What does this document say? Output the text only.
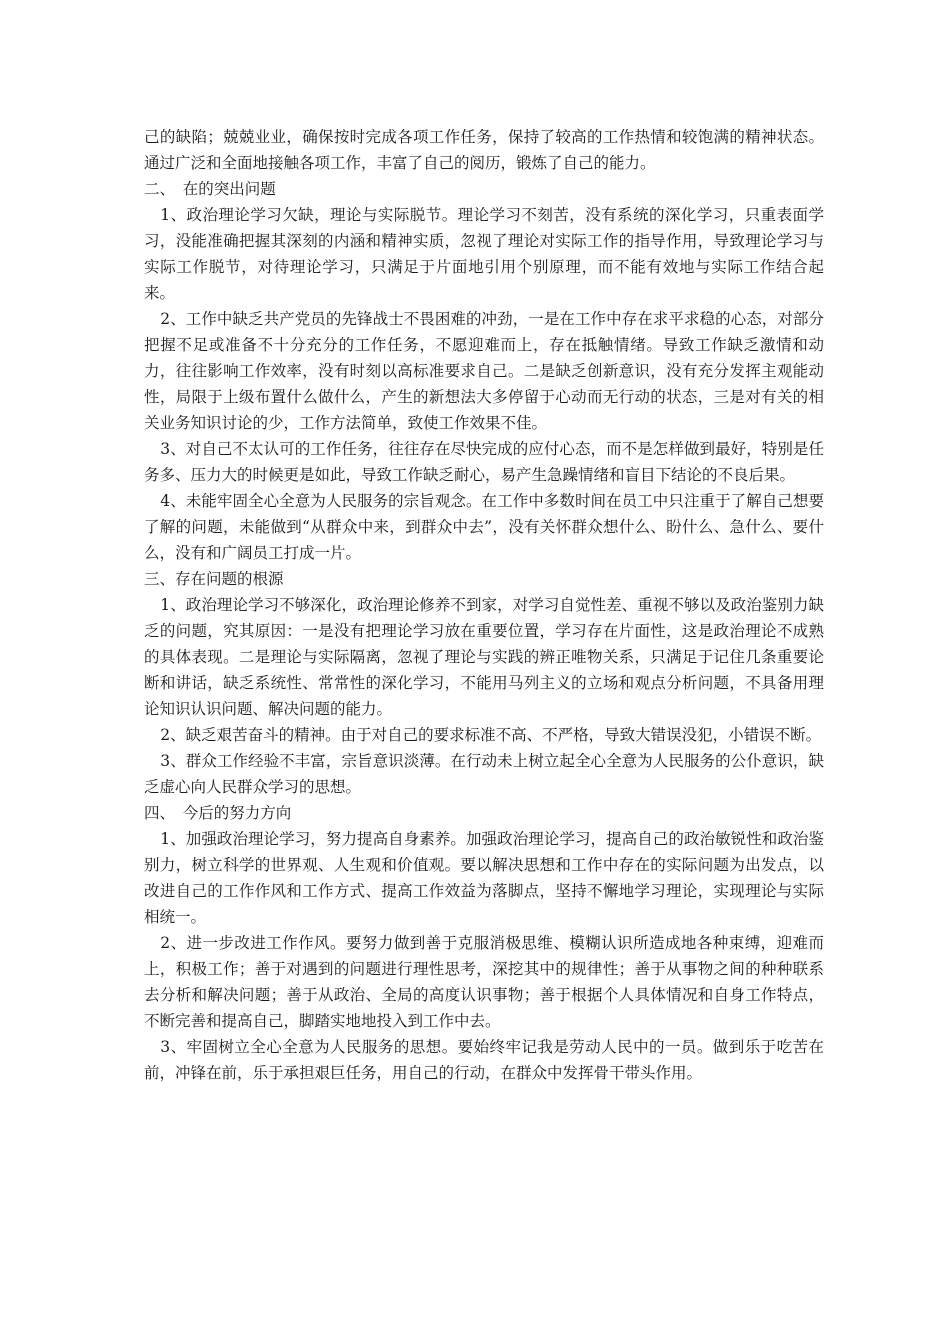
己的缺陷；兢兢业业，确保按时完成各项工作任务，保持了较高的工作热情和较饱满的精神状态。通过广泛和全面地接触各项工作，丰富了自己的阅历，锻炼了自己的能力。

二、　在的突出问题

1、政治理论学习欠缺，理论与实际脱节。理论学习不刻苦，没有系统的深化学习，只重表面学习，没能准确把握其深刻的内涵和精神实质，忽视了理论对实际工作的指导作用，导致理论学习与实际工作脱节，对待理论学习，只满足于片面地引用个别原理，而不能有效地与实际工作结合起来。

2、工作中缺乏共产党员的先锋战士不畏困难的冲劲，一是在工作中存在求平求稳的心态，对部分把握不足或准备不十分充分的工作任务，不愿迎难而上，存在抵触情绪。导致工作缺乏激情和动力，往往影响工作效率，没有时刻以高标准要求自己。二是缺乏创新意识，没有充分发挥主观能动性，局限于上级布置什么做什么，产生的新想法大多停留于心动而无行动的状态，三是对有关的相关业务知识讨论的少，工作方法简单，致使工作效果不佳。

3、对自己不太认可的工作任务，往往存在尽快完成的应付心态，而不是怎样做到最好，特别是任务多、压力大的时候更是如此，导致工作缺乏耐心，易产生急躁情绪和盲目下结论的不良后果。

4、未能牢固全心全意为人民服务的宗旨观念。在工作中多数时间在员工中只注重于了解自己想要了解的问题，未能做到“从群众中来，到群众中去”，没有关怀群众想什么、盼什么、急什么、要什么，没有和广阔员工打成一片。

三、存在问题的根源

1、政治理论学习不够深化，政治理论修养不到家，对学习自觉性差、重视不够以及政治鉴别力缺乏的问题，究其原因：一是没有把理论学习放在重要位置，学习存在片面性，这是政治理论不成熟的具体表现。二是理论与实际隔离，忽视了理论与实践的辨正唯物关系，只满足于记住几条重要论断和讲话，缺乏系统性、常常性的深化学习，不能用马列主义的立场和观点分析问题，不具备用理论知识认识问题、解决问题的能力。

2、缺乏艰苦奋斗的精神。由于对自己的要求标准不高、不严格，导致大错误没犯，小错误不断。

3、群众工作经验不丰富，宗旨意识淡薄。在行动未上树立起全心全意为人民服务的公仆意识，缺乏虚心向人民群众学习的思想。

四、　今后的努力方向

1、加强政治理论学习，努力提高自身素养。加强政治理论学习，提高自己的政治敏锐性和政治鉴别力，树立科学的世界观、人生观和价值观。要以解决思想和工作中存在的实际问题为出发点，以改进自己的工作作风和工作方式、提高工作效益为落脚点，坚持不懈地学习理论，实现理论与实际相统一。

2、进一步改进工作作风。要努力做到善于克服消极思维、模糊认识所造成地各种束缚，迎难而上，积极工作；善于对遇到的问题进行理性思考，深挖其中的规律性；善于从事物之间的种种联系去分析和解决问题；善于从政治、全局的高度认识事物；善于根据个人具体情况和自身工作特点，不断完善和提高自己，脚踏实地地投入到工作中去。

3、牢固树立全心全意为人民服务的思想。要始终牢记我是劳动人民中的一员。做到乐于吃苦在前，冲锋在前，乐于承担艰巨任务，用自己的行动，在群众中发挥骨干带头作用。
